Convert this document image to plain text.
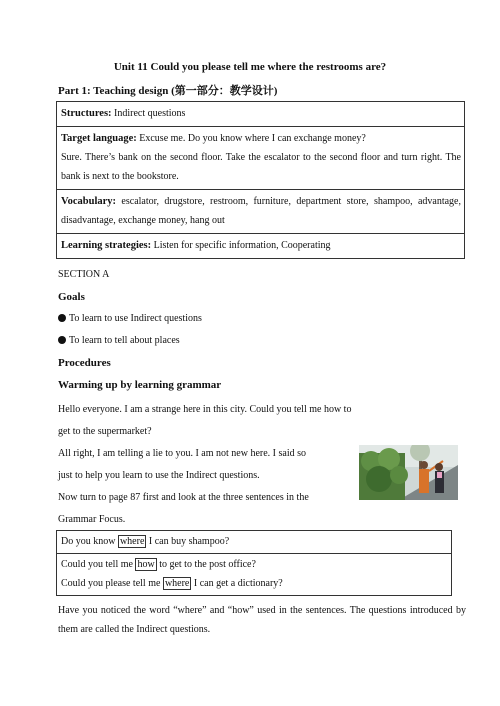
Unit 11 Could you please tell me where the restrooms are?
Part 1: Teaching design (第一部分：教学设计)
Structures: Indirect questions
Target language: Excuse me. Do you know where I can exchange money?
Sure. There’s bank on the second floor. Take the escalator to the second floor and turn right. The bank is next to the bookstore.
Vocabulary: escalator, drugstore, restroom, furniture, department store, shampoo, advantage, disadvantage, exchange money, hang out
Learning strategies: Listen for specific information, Cooperating
SECTION A
Goals
To learn to use Indirect questions
To learn to tell about places
Procedures
Warming up by learning grammar
Hello everyone. I am a strange here in this city. Could you tell me how to
get to the supermarket?
All right, I am telling a lie to you. I am not new here. I said so
just to help you learn to use the Indirect questions.
Now turn to page 87 first and look at the three sentences in the
Grammar Focus.
Do you know where I can buy shampoo?
Could you tell me how to get to the post office?
Could you please tell me where I can get a dictionary?
Have you noticed the word “where” and “how” used in the sentences. The questions introduced by them are called the Indirect questions.
